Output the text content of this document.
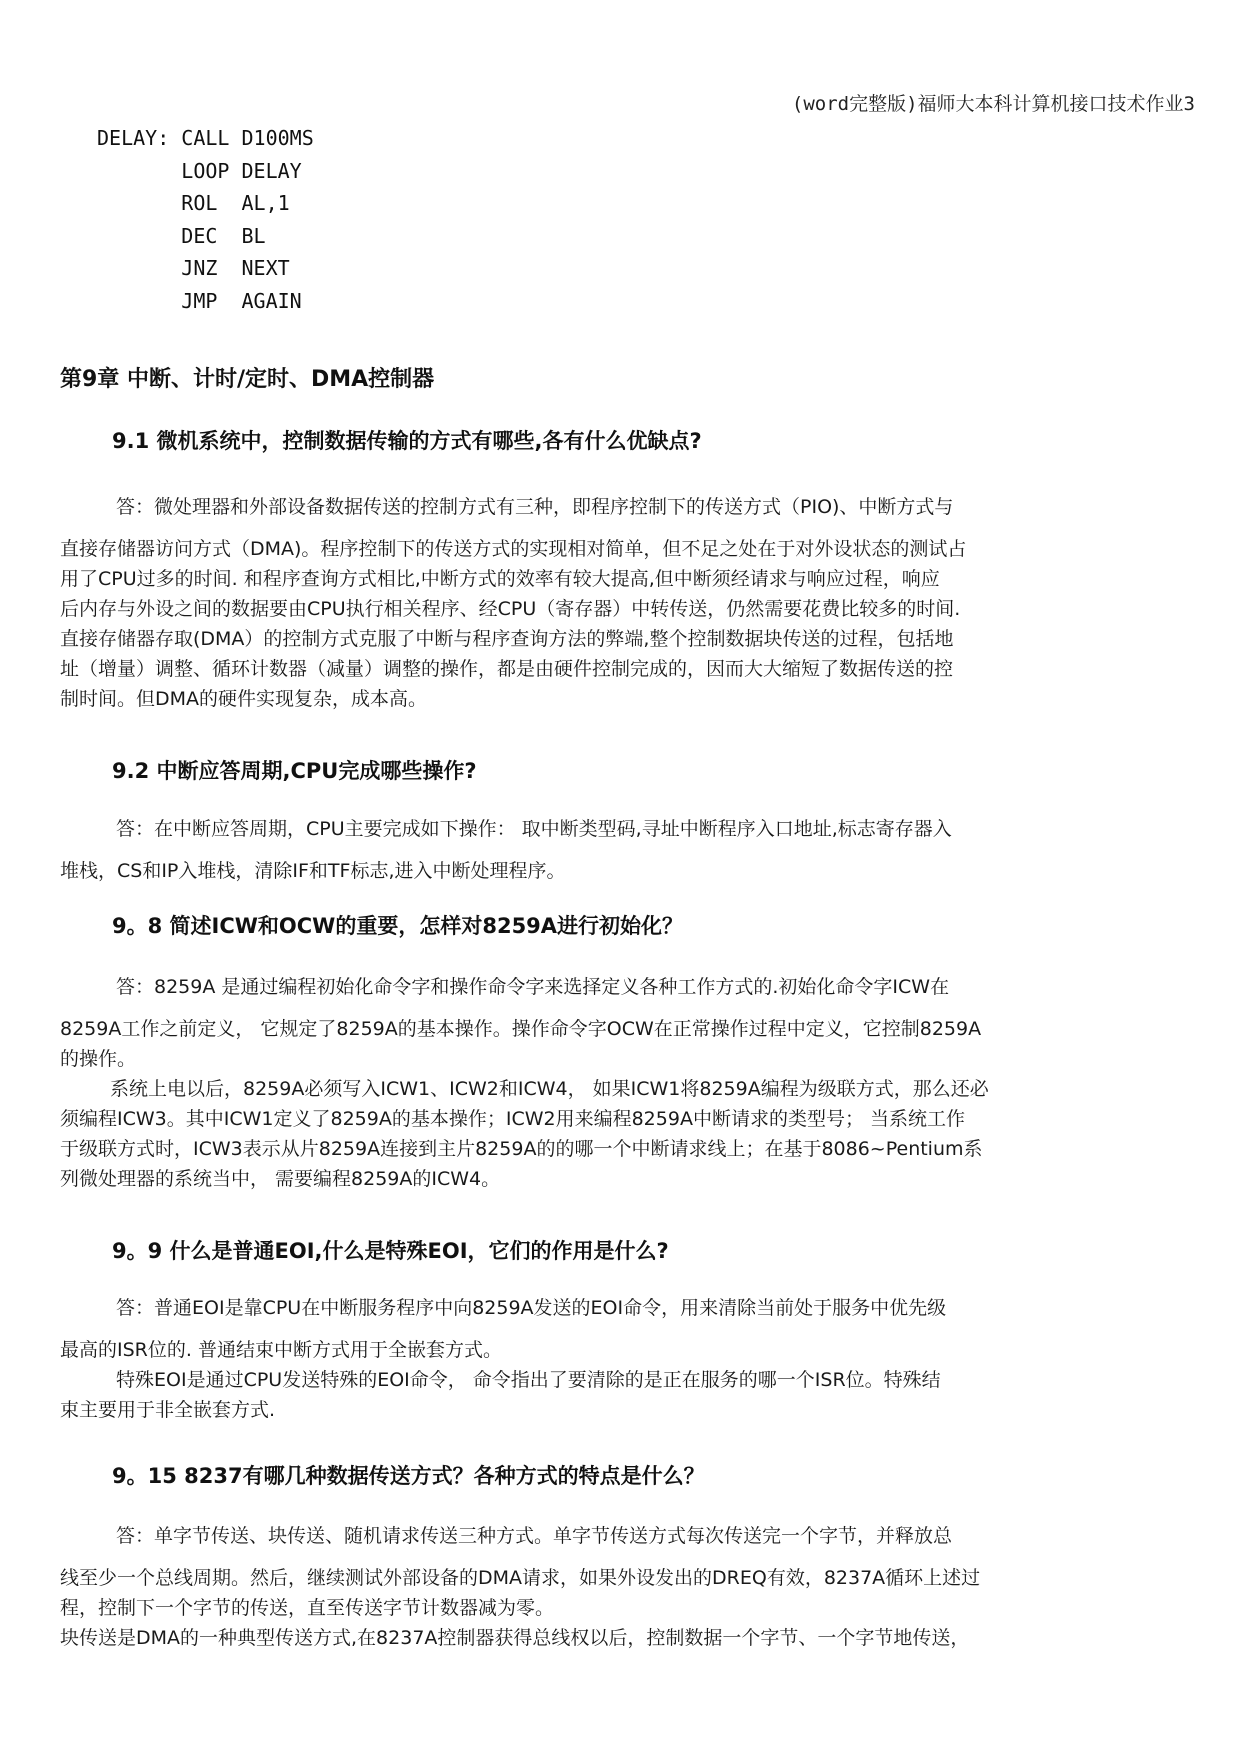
(word完整版)福师大本科计算机接口技术作业3
DELAY: CALL D100MS
LOOP DELAY
ROL  AL,1
DEC  BL
JNZ  NEXT
JMP  AGAIN
第9章 中断、计时/定时、DMA控制器
9.1 微机系统中，控制数据传输的方式有哪些,各有什么优缺点?
答：微处理器和外部设备数据传送的控制方式有三种，即程序控制下的传送方式（PIO)、中断方式与
直接存储器访问方式（DMA)。程序控制下的传送方式的实现相对简单，但不足之处在于对外设状态的测试占
用了CPU过多的时间. 和程序查询方式相比,中断方式的效率有较大提高,但中断须经请求与响应过程，响应
后内存与外设之间的数据要由CPU执行相关程序、经CPU（寄存器）中转传送，仍然需要花费比较多的时间.
直接存储器存取(DMA）的控制方式克服了中断与程序查询方法的弊端,整个控制数据块传送的过程，包括地
址（增量）调整、循环计数器（减量）调整的操作，都是由硬件控制完成的，因而大大缩短了数据传送的控
制时间。但DMA的硬件实现复杂，成本高。
9.2 中断应答周期,CPU完成哪些操作?
答：在中断应答周期，CPU主要完成如下操作： 取中断类型码,寻址中断程序入口地址,标志寄存器入
堆栈，CS和IP入堆栈，清除IF和TF标志,进入中断处理程序。
9。8 简述ICW和OCW的重要，怎样对8259A进行初始化？
答：8259A 是通过编程初始化命令字和操作命令字来选择定义各种工作方式的.初始化命令字ICW在
8259A工作之前定义， 它规定了8259A的基本操作。操作命令字OCW在正常操作过程中定义，它控制8259A
的操作。
系统上电以后，8259A必须写入ICW1、ICW2和ICW4， 如果ICW1将8259A编程为级联方式，那么还必
须编程ICW3。其中ICW1定义了8259A的基本操作；ICW2用来编程8259A中断请求的类型号； 当系统工作
于级联方式时，ICW3表示从片8259A连接到主片8259A的的哪一个中断请求线上；在基于8086~Pentium系
列微处理器的系统当中， 需要编程8259A的ICW4。
9。9 什么是普通EOI,什么是特殊EOI，它们的作用是什么?
答：普通EOI是靠CPU在中断服务程序中向8259A发送的EOI命令，用来清除当前处于服务中优先级
最高的ISR位的. 普通结束中断方式用于全嵌套方式。
特殊EOI是通过CPU发送特殊的EOI命令， 命令指出了要清除的是正在服务的哪一个ISR位。特殊结
束主要用于非全嵌套方式.
9。15 8237有哪几种数据传送方式？各种方式的特点是什么？
答：单字节传送、块传送、随机请求传送三种方式。单字节传送方式每次传送完一个字节，并释放总
线至少一个总线周期。然后，继续测试外部设备的DMA请求，如果外设发出的DREQ有效，8237A循环上述过
程，控制下一个字节的传送，直至传送字节计数器减为零。
块传送是DMA的一种典型传送方式,在8237A控制器获得总线权以后，控制数据一个字节、一个字节地传送，
